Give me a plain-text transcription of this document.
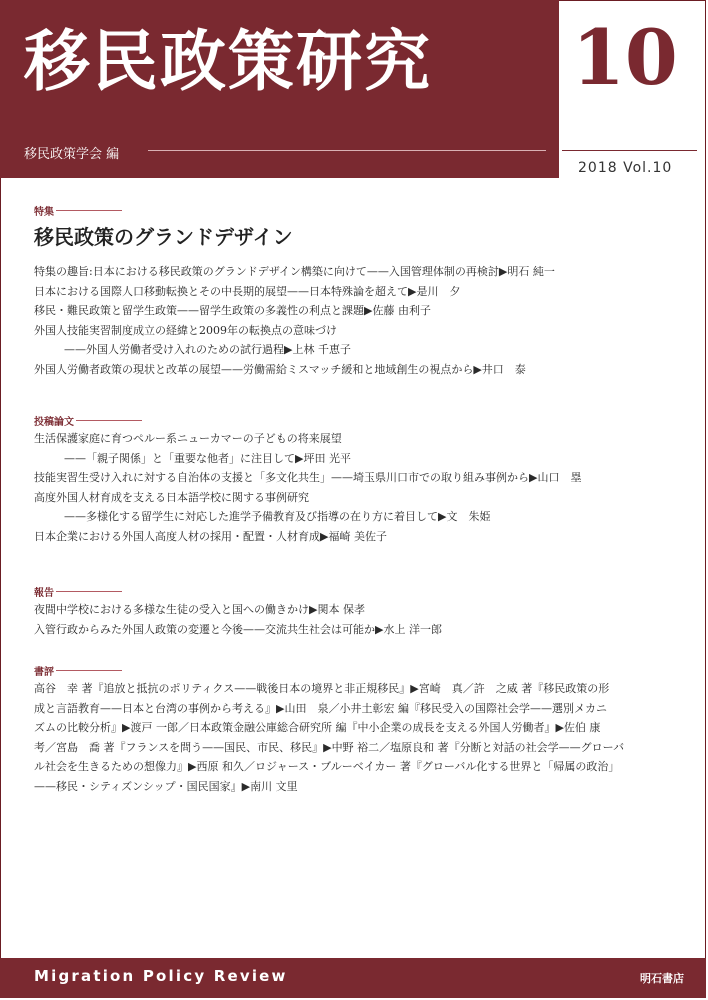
移民政策研究
移民政策学会 編
10
2018 Vol.10
特集
移民政策のグランドデザイン
特集の趣旨:日本における移民政策のグランドデザイン構築に向けて——入国管理体制の再検討▶明石 純一
日本における国際人口移動転換とその中長期的展望——日本特殊論を超えて▶是川　夕
移民・難民政策と留学生政策——留学生政策の多義性の利点と課題▶佐藤 由利子
外国人技能実習制度成立の経緯と2009年の転換点の意味づけ
——外国人労働者受け入れのための試行過程▶上林 千恵子
外国人労働者政策の現状と改革の展望——労働需給ミスマッチ緩和と地域創生の視点から▶井口　泰
投稿論文
生活保護家庭に育つペルー系ニューカマーの子どもの将来展望
——「親子関係」と「重要な他者」に注目して▶坪田 光平
技能実習生受け入れに対する自治体の支援と「多文化共生」——埼玉県川口市での取り組み事例から▶山口　塁
高度外国人材育成を支える日本語学校に関する事例研究
——多様化する留学生に対応した進学予備教育及び指導の在り方に着目して▶文　朱姫
日本企業における外国人高度人材の採用・配置・人材育成▶福崎 美佐子
報告
夜間中学校における多様な生徒の受入と国への働きかけ▶関本 保孝
入管行政からみた外国人政策の変遷と今後——交流共生社会は可能か▶水上 洋一郎
書評
高谷　幸 著『追放と抵抗のポリティクス——戦後日本の境界と非正規移民』▶宮崎　真／許　之威 著『移民政策の形
成と言語教育——日本と台湾の事例から考える』▶山田　泉／小井土彰宏 編『移民受入の国際社会学——選別メカニ
ズムの比較分析』▶渡戸 一郎／日本政策金融公庫総合研究所 編『中小企業の成長を支える外国人労働者』▶佐伯 康
考／宮島　喬 著『フランスを問う——国民、市民、移民』▶中野 裕二／塩原良和 著『分断と対話の社会学——グローバ
ル社会を生きるための想像力』▶西原 和久／ロジャース・ブルーベイカー 著『グローバル化する世界と「帰属の政治」
——移民・シティズンシップ・国民国家』▶南川 文里
Migration Policy Review	明石書店
